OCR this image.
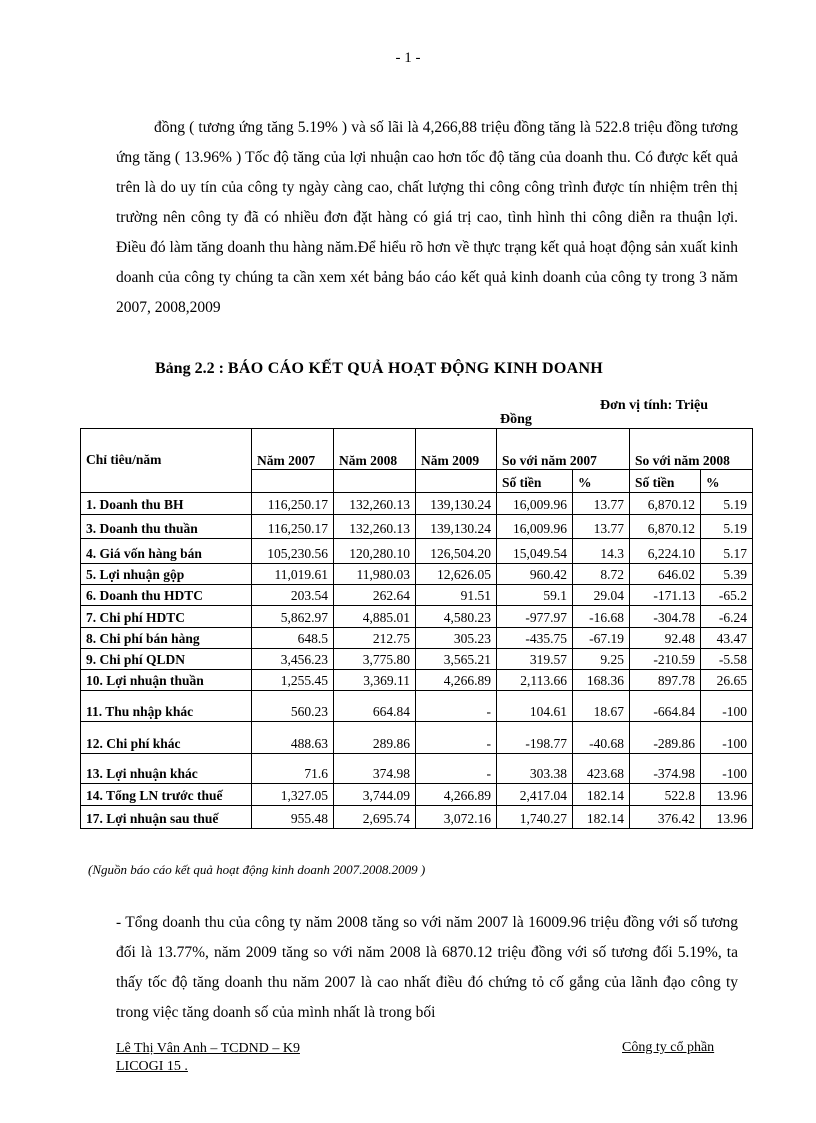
- 1 -
đồng ( tương ứng tăng 5.19% ) và số lãi là 4,266,88 triệu đồng tăng là 522.8 triệu đồng tương ứng tăng ( 13.96% ) Tốc độ tăng của lợi nhuận cao hơn tốc độ tăng của doanh thu. Có được kết quả trên là do uy tín của công ty ngày càng cao, chất lượng thi công công trình được tín nhiệm trên thị trường nên công ty đã có nhiều đơn đặt hàng có giá trị cao, tình hình thi công diễn ra thuận lợi. Điều đó làm tăng doanh thu hàng năm.Để hiểu rõ hơn về thực trạng kết quả hoạt động sản xuất kinh doanh của công ty chúng ta cần xem xét bảng báo cáo kết quả kinh doanh của công ty trong 3 năm 2007, 2008,2009
Bảng 2.2 : BÁO CÁO KẾT QUẢ HOẠT ĐỘNG KINH DOANH
Đơn vị tính: Triệu
Đồng
Chỉ tiêu/năm	Năm 2007	Năm 2008	Năm 2009	So với năm 2007		So với năm 2008	
				Số tiền	%	Số tiền	%
1. Doanh thu BH	116,250.17	132,260.13	139,130.24	16,009.96	13.77	6,870.12	5.19
3. Doanh thu thuần	116,250.17	132,260.13	139,130.24	16,009.96	13.77	6,870.12	5.19
4. Giá vốn hàng bán	105,230.56	120,280.10	126,504.20	15,049.54	14.3	6,224.10	5.17
5. Lợi nhuận gộp	11,019.61	11,980.03	12,626.05	960.42	8.72	646.02	5.39
6. Doanh thu HDTC	203.54	262.64	91.51	59.1	29.04	-171.13	-65.2
7. Chi phí HDTC	5,862.97	4,885.01	4,580.23	-977.97	-16.68	-304.78	-6.24
8. Chi phí bán hàng	648.5	212.75	305.23	-435.75	-67.19	92.48	43.47
9. Chi phí QLDN	3,456.23	3,775.80	3,565.21	319.57	9.25	-210.59	-5.58
10. Lợi nhuận thuần	1,255.45	3,369.11	4,266.89	2,113.66	168.36	897.78	26.65
11. Thu nhập khác	560.23	664.84	-	104.61	18.67	-664.84	-100
12. Chi phí khác	488.63	289.86	-	-198.77	-40.68	-289.86	-100
13. Lợi nhuận khác	71.6	374.98	-	303.38	423.68	-374.98	-100
14. Tổng LN trước thuế	1,327.05	3,744.09	4,266.89	2,417.04	182.14	522.8	13.96
17. Lợi nhuận sau thuế	955.48	2,695.74	3,072.16	1,740.27	182.14	376.42	13.96
(Nguồn báo cáo kết quả hoạt động kinh doanh 2007.2008.2009 )
- Tổng doanh thu của công ty năm 2008 tăng so với năm 2007 là 16009.96 triệu đồng với số tương đối là 13.77%, năm 2009 tăng so với năm 2008 là 6870.12 triệu đồng với số tương đối 5.19%, ta thấy tốc độ tăng doanh thu năm 2007 là cao nhất điều đó chứng tỏ cố gắng của lãnh đạo công ty trong việc tăng doanh số của mình nhất là trong bối
Lê Thị Vân Anh – TCDND – K9
LICOGI 15 .
Công ty cổ phần
